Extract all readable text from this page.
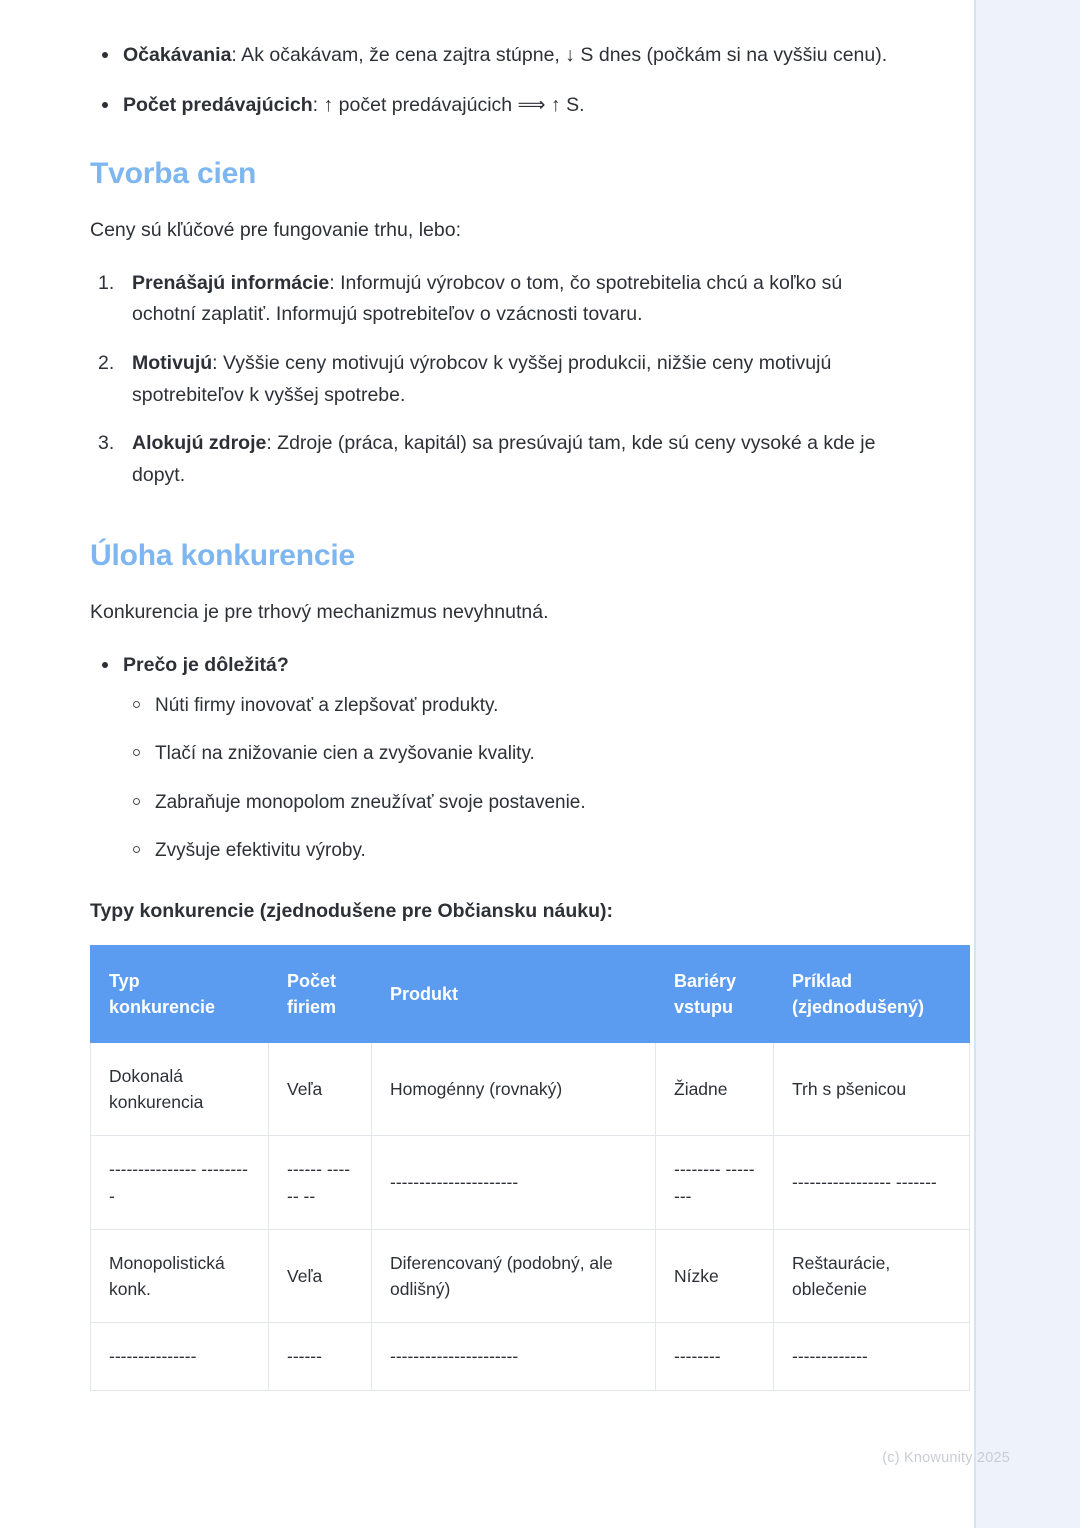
Očakávania: Ak očakávam, že cena zajtra stúpne, ↓ S dnes (počkám si na vyššiu cenu).
Počet predávajúcich: ↑ počet predávajúcich ⟹ ↑ S.
Tvorba cien

Ceny sú kľúčové pre fungovanie trhu, lebo:

Prenášajú informácie: Informujú výrobcov o tom, čo spotrebitelia chcú a koľko sú ochotní zaplatiť. Informujú spotrebiteľov o vzácnosti tovaru.
Motivujú: Vyššie ceny motivujú výrobcov k vyššej produkcii, nižšie ceny motivujú spotrebiteľov k vyššej spotrebe.
Alokujú zdroje: Zdroje (práca, kapitál) sa presúvajú tam, kde sú ceny vysoké a kde je dopyt.
Úloha konkurencie

Konkurencia je pre trhový mechanizmus nevyhnutná.

Prečo je dôležitá?
Núti firmy inovovať a zlepšovať produkty.
Tlačí na znižovanie cien a zvyšovanie kvality.
Zabraňuje monopolom zneužívať svoje postavenie.
Zvyšuje efektivitu výroby.

Typy konkurencie (zjednodušene pre Občiansku náuku):

Typ konkurencie	Počet firiem	Produkt	Bariéry vstupu	Príklad (zjednodušený)
Dokonalá konkurencia	Veľa	Homogénny (rovnaký)	Žiadne	Trh s pšenicou
--------------- ---------	------ ------ --	----------------------	-------- --------	----------------- -------
Monopolistická konk.	Veľa	Diferencovaný (podobný, ale odlišný)	Nízke	Reštaurácie, oblečenie
---------------	------	----------------------	--------	-------------
(c) Knowunity 2025
